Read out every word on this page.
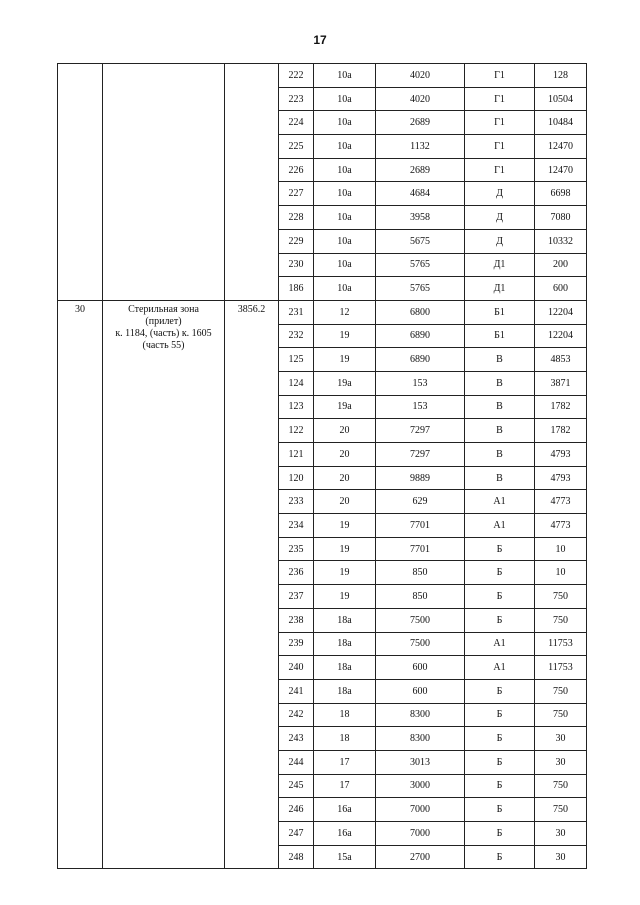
17
			222	10а	4020	Г1	128
			223	10а	4020	Г1	10504
			224	10а	2689	Г1	10484
			225	10а	1132	Г1	12470
			226	10а	2689	Г1	12470
			227	10а	4684	Д	6698
			228	10а	3958	Д	7080
			229	10а	5675	Д	10332
			230	10а	5765	Д1	200
			186	10а	5765	Д1	600
30	Стерильная зона
(прилет)
к. 1184, (часть) к. 1605
(часть 55)	3856.2	231	12	6800	Б1	12204
			232	19	6890	Б1	12204
			125	19	6890	В	4853
			124	19а	153	В	3871
			123	19а	153	В	1782
			122	20	7297	В	1782
			121	20	7297	В	4793
			120	20	9889	В	4793
			233	20	629	А1	4773
			234	19	7701	А1	4773
			235	19	7701	Б	10
			236	19	850	Б	10
			237	19	850	Б	750
			238	18а	7500	Б	750
			239	18а	7500	А1	11753
			240	18а	600	А1	11753
			241	18а	600	Б	750
			242	18	8300	Б	750
			243	18	8300	Б	30
			244	17	3013	Б	30
			245	17	3000	Б	750
			246	16а	7000	Б	750
			247	16а	7000	Б	30
			248	15а	2700	Б	30
